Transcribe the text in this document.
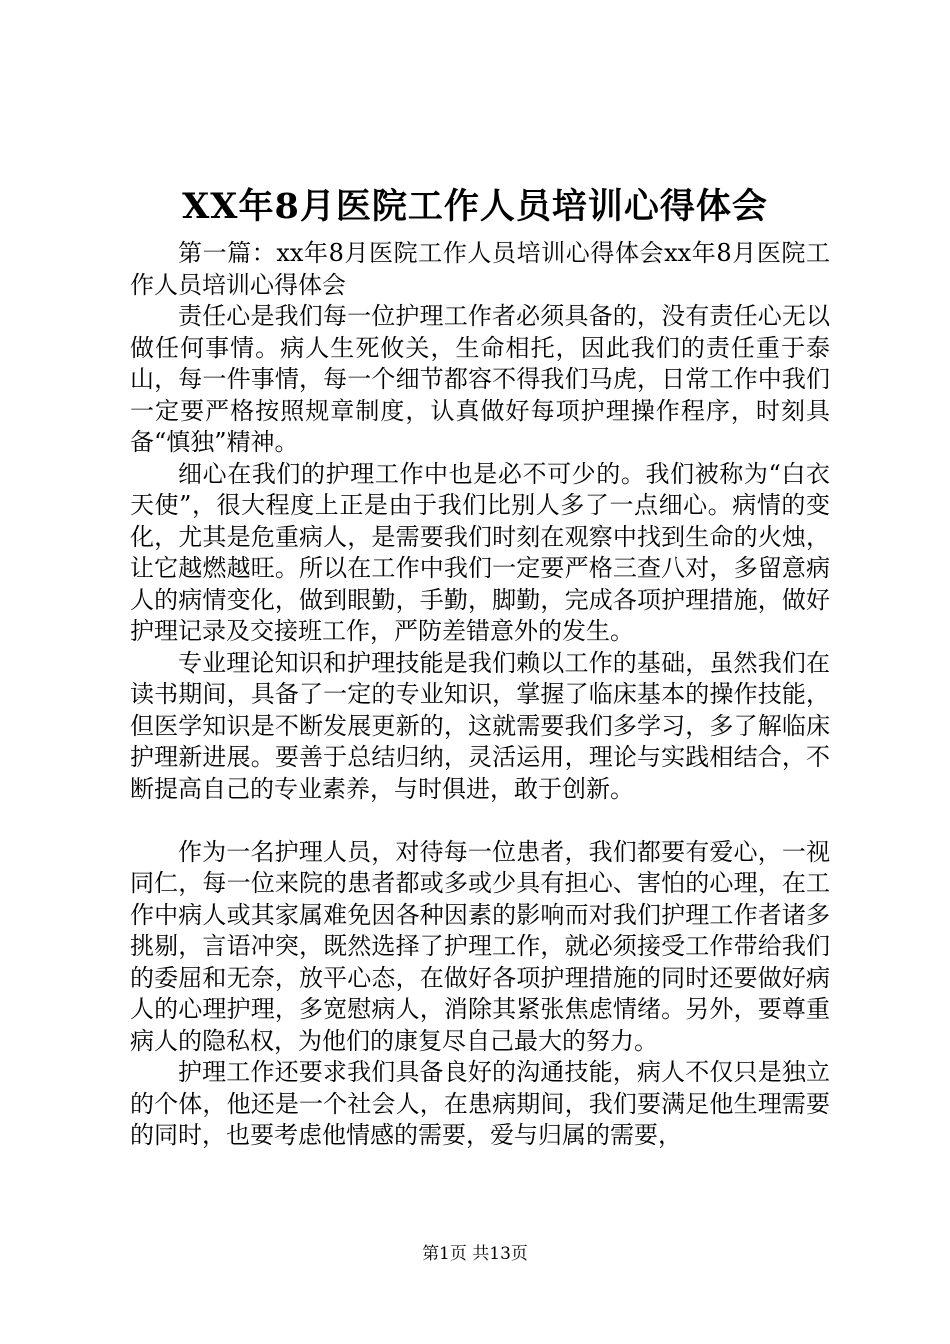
XX年8月医院工作人员培训心得体会

第一篇：xx年8月医院工作人员培训心得体会xx年8月医院工作人员培训心得体会

责任心是我们每一位护理工作者必须具备的，没有责任心无以做任何事情。病人生死攸关，生命相托，因此我们的责任重于泰山，每一件事情，每一个细节都容不得我们马虎，日常工作中我们一定要严格按照规章制度，认真做好每项护理操作程序，时刻具备“慎独”精神。

细心在我们的护理工作中也是必不可少的。我们被称为“白衣天使”，很大程度上正是由于我们比别人多了一点细心。病情的变化，尤其是危重病人，是需要我们时刻在观察中找到生命的火烛，让它越燃越旺。所以在工作中我们一定要严格三查八对，多留意病人的病情变化，做到眼勤，手勤，脚勤，完成各项护理措施，做好护理记录及交接班工作，严防差错意外的发生。

专业理论知识和护理技能是我们赖以工作的基础，虽然我们在读书期间，具备了一定的专业知识，掌握了临床基本的操作技能，但医学知识是不断发展更新的，这就需要我们多学习，多了解临床护理新进展。要善于总结归纳，灵活运用，理论与实践相结合，不断提高自己的专业素养，与时俱进，敢于创新。

作为一名护理人员，对待每一位患者，我们都要有爱心，一视同仁，每一位来院的患者都或多或少具有担心、害怕的心理，在工作中病人或其家属难免因各种因素的影响而对我们护理工作者诸多挑剔，言语冲突，既然选择了护理工作，就必须接受工作带给我们的委屈和无奈，放平心态，在做好各项护理措施的同时还要做好病人的心理护理，多宽慰病人，消除其紧张焦虑情绪。另外，要尊重病人的隐私权，为他们的康复尽自己最大的努力。

护理工作还要求我们具备良好的沟通技能，病人不仅只是独立的个体，他还是一个社会人，在患病期间，我们要满足他生理需要的同时，也要考虑他情感的需要，爱与归属的需要，

第1页 共13页
